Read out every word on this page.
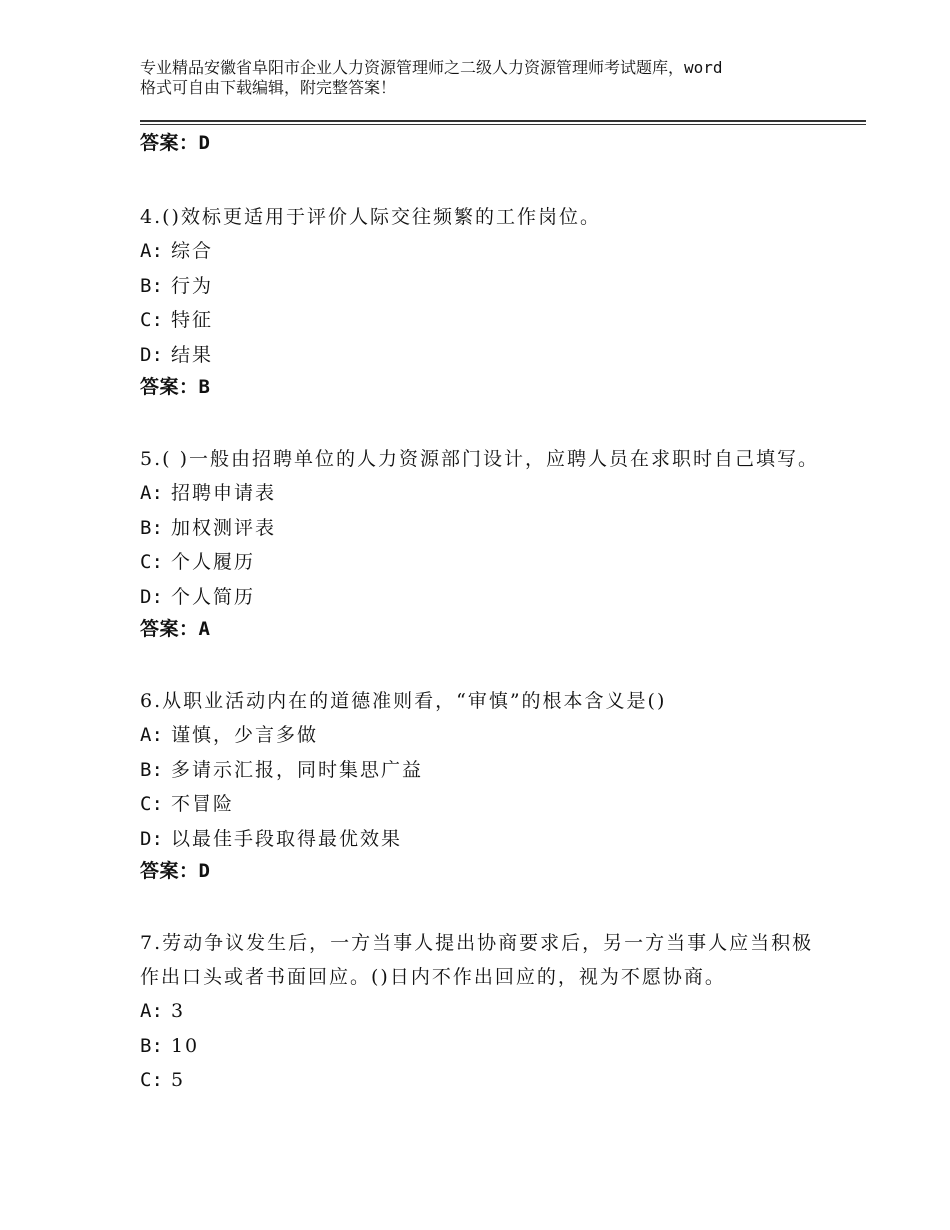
专业精品安徽省阜阳市企业人力资源管理师之二级人力资源管理师考试题库，word
格式可自由下载编辑，附完整答案！
答案：D
4.()效标更适用于评价人际交往频繁的工作岗位。
A: 综合
B: 行为
C: 特征
D: 结果
答案：B
5.( )一般由招聘单位的人力资源部门设计，应聘人员在求职时自己填写。
A: 招聘申请表
B: 加权测评表
C: 个人履历
D: 个人简历
答案：A
6.从职业活动内在的道德准则看，“审慎”的根本含义是()
A: 谨慎，少言多做
B: 多请示汇报，同时集思广益
C: 不冒险
D: 以最佳手段取得最优效果
答案：D
7.劳动争议发生后，一方当事人提出协商要求后，另一方当事人应当积极作出口头或者书面回应。()日内不作出回应的，视为不愿协商。
A: 3
B: 10
C: 5
